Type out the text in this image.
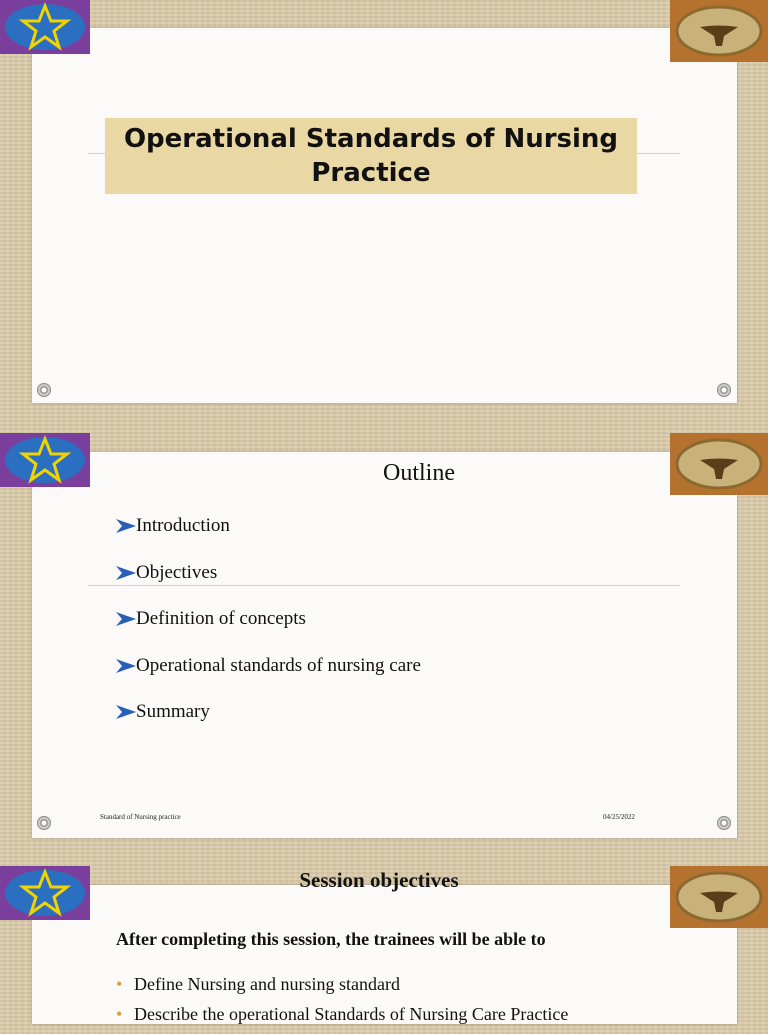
Operational Standards of Nursing Practice
Outline
Introduction
Objectives
Definition of concepts
Operational standards of nursing care
Summary
Standard of Nursing practice	04/25/2022
Session objectives
After completing this session, the trainees will be able to
• Define Nursing and nursing standard
• Describe the operational Standards of Nursing Care Practice
